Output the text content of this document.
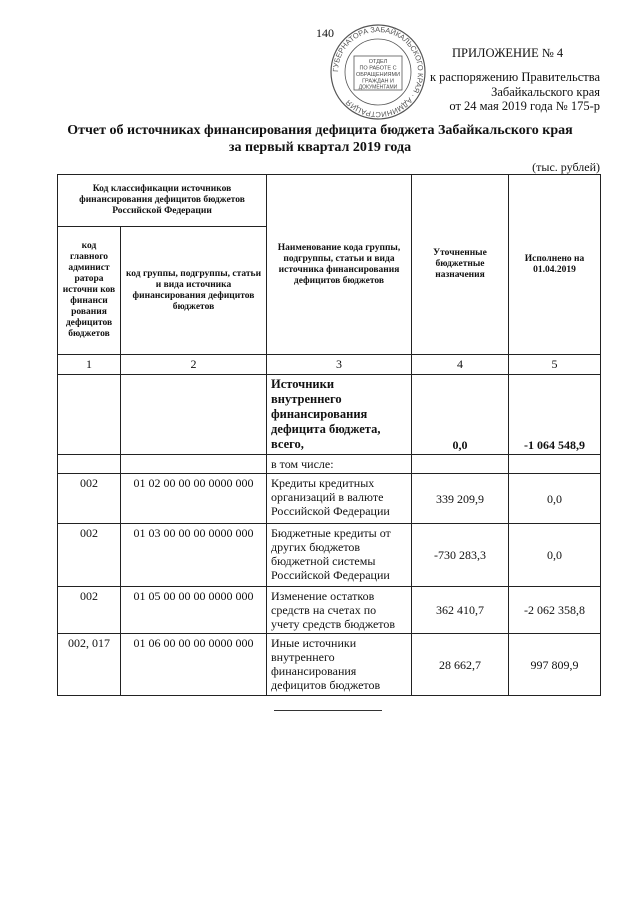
140
ГУБЕРНАТОРА ЗАБАЙКАЛЬСКОГО КРАЯ · АДМИНИСТРАЦИЯ
ОТДЕЛ
ПО РАБОТЕ С
ОБРАЩЕНИЯМИ
ГРАЖДАН И
ДОКУМЕНТАМИ
ПРИЛОЖЕНИЕ № 4
к распоряжению Правительства
Забайкальского края
от 24 мая 2019 года № 175-р
Отчет об источниках финансирования дефицита бюджета Забайкальского края
за первый квартал 2019 года
(тыс. рублей)
Код классификации источников финансирования дефицитов бюджетов Российской Федерации		Наименование кода группы, подгруппы, статьи и вида источника финансирования дефицитов бюджетов	Уточненные бюджетные назначения	Исполнено на 01.04.2019
код главного админист ратора источни ков финанси рования дефицитов бюджетов	код группы, подгруппы, статьи и вида источника финансирования дефицитов бюджетов			
1	2	3	4	5
		Источники внутреннего финансирования дефицита бюджета, всего,	0,0	-1 064 548,9
		в том числе:		
002	01 02 00 00 00 0000 000	Кредиты кредитных организаций в валюте Российской Федерации	339 209,9	0,0
002	01 03 00 00 00 0000 000	Бюджетные кредиты от других бюджетов бюджетной системы Российской Федерации	-730 283,3	0,0
002	01 05 00 00 00 0000 000	Изменение остатков средств на счетах по учету средств бюджетов	362 410,7	-2 062 358,8
002, 017	01 06 00 00 00 0000 000	Иные источники внутреннего финансирования дефицитов бюджетов	28 662,7	997 809,9
